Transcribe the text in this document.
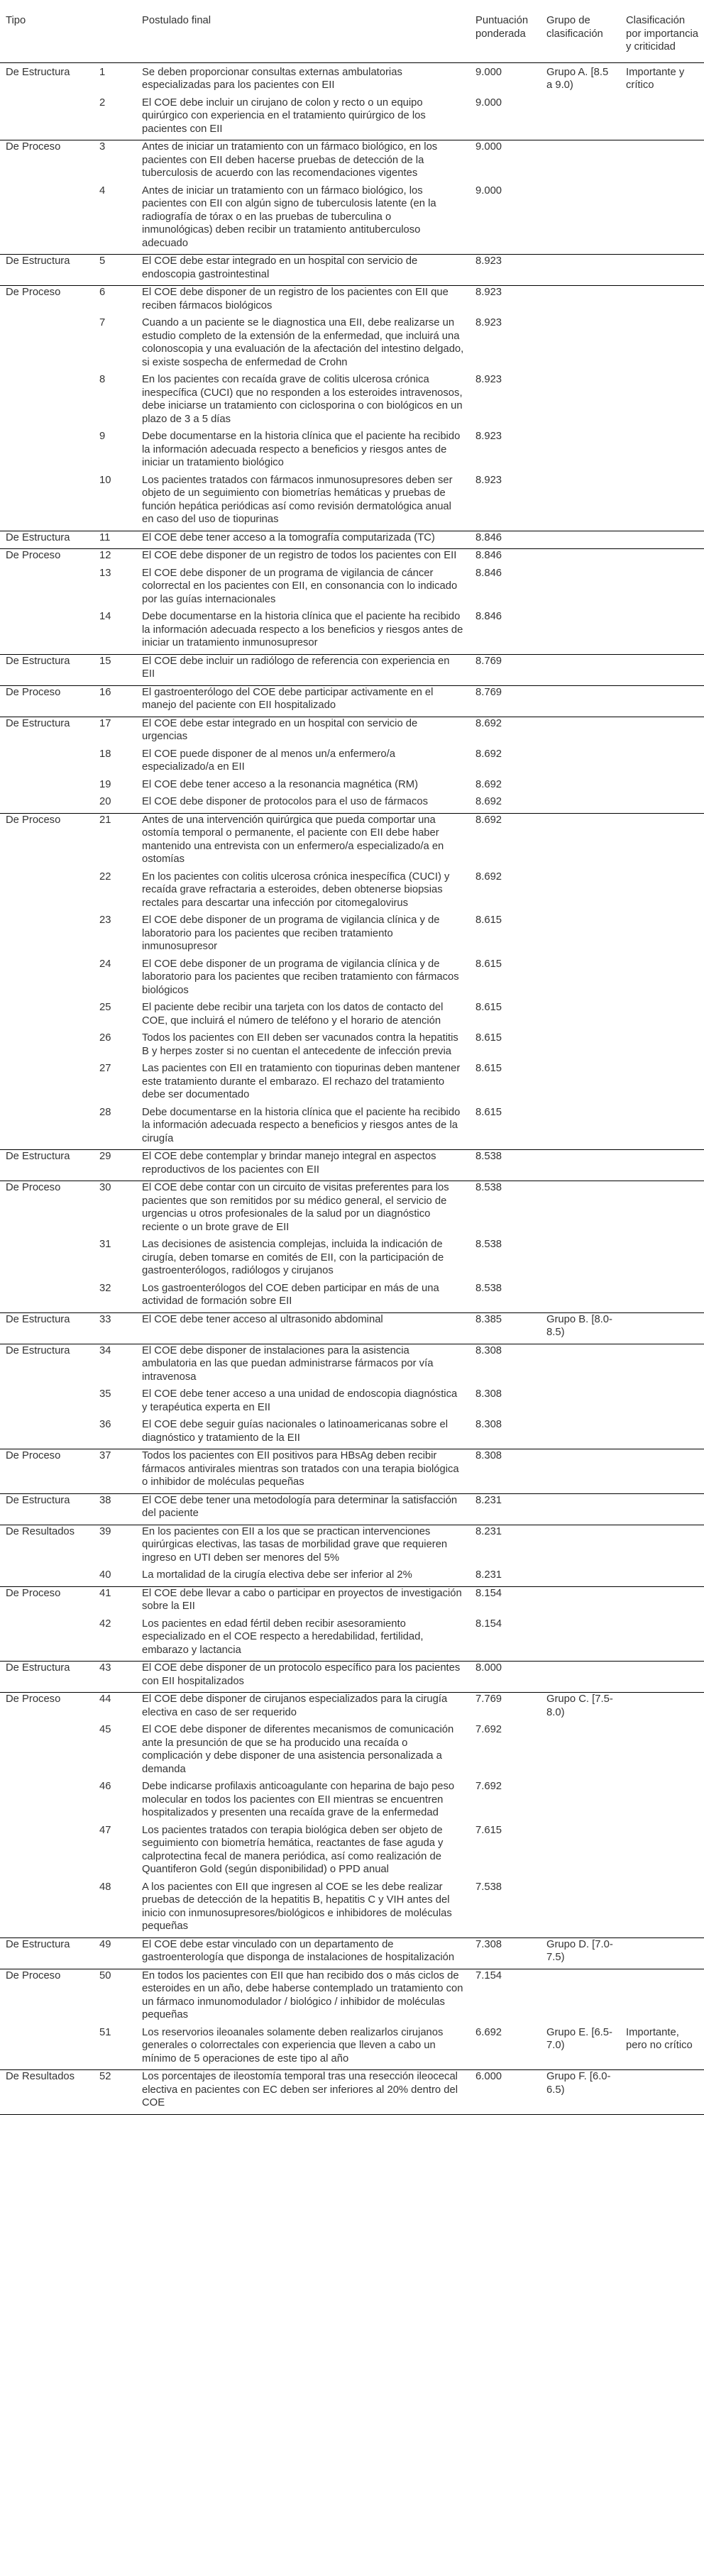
Tipo		Postulado final	Puntuación ponderada	Grupo de clasificación	Clasificación por importancia y criticidad
De Estructura	1	Se deben proporcionar consultas externas ambulatorias especializadas para los pacientes con EII	9.000	Grupo A. [8.5 a 9.0)	Importante y crítico
	2	El COE debe incluir un cirujano de colon y recto o un equipo quirúrgico con experiencia en el tratamiento quirúrgico de los pacientes con EII	9.000		
De Proceso	3	Antes de iniciar un tratamiento con un fármaco biológico, en los pacientes con EII deben hacerse pruebas de detección de la tuberculosis de acuerdo con las recomendaciones vigentes	9.000		
	4	Antes de iniciar un tratamiento con un fármaco biológico, los pacientes con EII con algún signo de tuberculosis latente (en la radiografía de tórax o en las pruebas de tuberculina o inmunológicas) deben recibir un tratamiento antituberculoso adecuado	9.000		
De Estructura	5	El COE debe estar integrado en un hospital con servicio de endoscopia gastrointestinal	8.923		
De Proceso	6	El COE debe disponer de un registro de los pacientes con EII que reciben fármacos biológicos	8.923		
	7	Cuando a un paciente se le diagnostica una EII, debe realizarse un estudio completo de la extensión de la enfermedad, que incluirá una colonoscopia y una evaluación de la afectación del intestino delgado, si existe sospecha de enfermedad de Crohn	8.923		
	8	En los pacientes con recaída grave de colitis ulcerosa crónica inespecífica (CUCI) que no responden a los esteroides intravenosos, debe iniciarse un tratamiento con ciclosporina o con biológicos en un plazo de 3 a 5 días	8.923		
	9	Debe documentarse en la historia clínica que el paciente ha recibido la información adecuada respecto a beneficios y riesgos antes de iniciar un tratamiento biológico	8.923		
	10	Los pacientes tratados con fármacos inmunosupresores deben ser objeto de un seguimiento con biometrías hemáticas y pruebas de función hepática periódicas así como revisión dermatológica anual en caso del uso de tiopurinas	8.923		
De Estructura	11	El COE debe tener acceso a la tomografía computarizada (TC)	8.846		
De Proceso	12	El COE debe disponer de un registro de todos los pacientes con EII	8.846		
	13	El COE debe disponer de un programa de vigilancia de cáncer colorrectal en los pacientes con EII, en consonancia con lo indicado por las guías internacionales	8.846		
	14	Debe documentarse en la historia clínica que el paciente ha recibido la información adecuada respecto a los beneficios y riesgos antes de iniciar un tratamiento inmunosupresor	8.846		
De Estructura	15	El COE debe incluir un radiólogo de referencia con experiencia en EII	8.769		
De Proceso	16	El gastroenterólogo del COE debe participar activamente en el manejo del paciente con EII hospitalizado	8.769		
De Estructura	17	El COE debe estar integrado en un hospital con servicio de urgencias	8.692		
	18	El COE puede disponer de al menos un/a enfermero/a especializado/a en EII	8.692		
	19	El COE debe tener acceso a la resonancia magnética (RM)	8.692		
	20	El COE debe disponer de protocolos para el uso de fármacos	8.692		
De Proceso	21	Antes de una intervención quirúrgica que pueda comportar una ostomía temporal o permanente, el paciente con EII debe haber mantenido una entrevista con un enfermero/a especializado/a en ostomías	8.692		
	22	En los pacientes con colitis ulcerosa crónica inespecífica (CUCI) y recaída grave refractaria a esteroides, deben obtenerse biopsias rectales para descartar una infección por citomegalovirus	8.692		
	23	El COE debe disponer de un programa de vigilancia clínica y de laboratorio para los pacientes que reciben tratamiento inmunosupresor	8.615		
	24	El COE debe disponer de un programa de vigilancia clínica y de laboratorio para los pacientes que reciben tratamiento con fármacos biológicos	8.615		
	25	El paciente debe recibir una tarjeta con los datos de contacto del COE, que incluirá el número de teléfono y el horario de atención	8.615		
	26	Todos los pacientes con EII deben ser vacunados contra la hepatitis B y herpes zoster si no cuentan el antecedente de infección previa	8.615		
	27	Las pacientes con EII en tratamiento con tiopurinas deben mantener este tratamiento durante el embarazo. El rechazo del tratamiento debe ser documentado	8.615		
	28	Debe documentarse en la historia clínica que el paciente ha recibido la información adecuada respecto a beneficios y riesgos antes de la cirugía	8.615		
De Estructura	29	El COE debe contemplar y brindar manejo integral en aspectos reproductivos de los pacientes con EII	8.538		
De Proceso	30	El COE debe contar con un circuito de visitas preferentes para los pacientes que son remitidos por su médico general, el servicio de urgencias u otros profesionales de la salud por un diagnóstico reciente o un brote grave de EII	8.538		
	31	Las decisiones de asistencia complejas, incluida la indicación de cirugía, deben tomarse en comités de EII, con la participación de gastroenterólogos, radiólogos y cirujanos	8.538		
	32	Los gastroenterólogos del COE deben participar en más de una actividad de formación sobre EII	8.538		
De Estructura	33	El COE debe tener acceso al ultrasonido abdominal	8.385	Grupo B. [8.0-8.5)	
De Estructura	34	El COE debe disponer de instalaciones para la asistencia ambulatoria en las que puedan administrarse fármacos por vía intravenosa	8.308		
	35	El COE debe tener acceso a una unidad de endoscopia diagnóstica y terapéutica experta en EII	8.308		
	36	El COE debe seguir guías nacionales o latinoamericanas sobre el diagnóstico y tratamiento de la EII	8.308		
De Proceso	37	Todos los pacientes con EII positivos para HBsAg deben recibir fármacos antivirales mientras son tratados con una terapia biológica o inhibidor de moléculas pequeñas	8.308		
De Estructura	38	El COE debe tener una metodología para determinar la satisfacción del paciente	8.231		
De Resultados	39	En los pacientes con EII a los que se practican intervenciones quirúrgicas electivas, las tasas de morbilidad grave que requieren ingreso en UTI deben ser menores del 5%	8.231		
	40	La mortalidad de la cirugía electiva debe ser inferior al 2%	8.231		
De Proceso	41	El COE debe llevar a cabo o participar en proyectos de investigación sobre la EII	8.154		
	42	Los pacientes en edad fértil deben recibir asesoramiento especializado en el COE respecto a heredabilidad, fertilidad, embarazo y lactancia	8.154		
De Estructura	43	El COE debe disponer de un protocolo específico para los pacientes con EII hospitalizados	8.000		
De Proceso	44	El COE debe disponer de cirujanos especializados para la cirugía electiva en caso de ser requerido	7.769	Grupo C. [7.5-8.0)	
	45	El COE debe disponer de diferentes mecanismos de comunicación ante la presunción de que se ha producido una recaída o complicación y debe disponer de una asistencia personalizada a demanda	7.692		
	46	Debe indicarse profilaxis anticoagulante con heparina de bajo peso molecular en todos los pacientes con EII mientras se encuentren hospitalizados y presenten una recaída grave de la enfermedad	7.692		
	47	Los pacientes tratados con terapia biológica deben ser objeto de seguimiento con biometría hemática, reactantes de fase aguda y calprotectina fecal de manera periódica, así como realización de Quantiferon Gold (según disponibilidad) o PPD anual	7.615		
	48	A los pacientes con EII que ingresen al COE se les debe realizar pruebas de detección de la hepatitis B, hepatitis C y VIH antes del inicio con inmunosupresores/biológicos e inhibidores de moléculas pequeñas	7.538		
De Estructura	49	El COE debe estar vinculado con un departamento de gastroenterología que disponga de instalaciones de hospitalización	7.308	Grupo D. [7.0-7.5)	
De Proceso	50	En todos los pacientes con EII que han recibido dos o más ciclos de esteroides en un año, debe haberse contemplado un tratamiento con un fármaco inmunomodulador / biológico / inhibidor de moléculas pequeñas	7.154		
	51	Los reservorios ileoanales solamente deben realizarlos cirujanos generales o colorrectales con experiencia que lleven a cabo un mínimo de 5 operaciones de este tipo al año	6.692	Grupo E. [6.5-7.0)	Importante, pero no crítico
De Resultados	52	Los porcentajes de ileostomía temporal tras una resección ileocecal electiva en pacientes con EC deben ser inferiores al 20% dentro del COE	6.000	Grupo F. [6.0-6.5)	
